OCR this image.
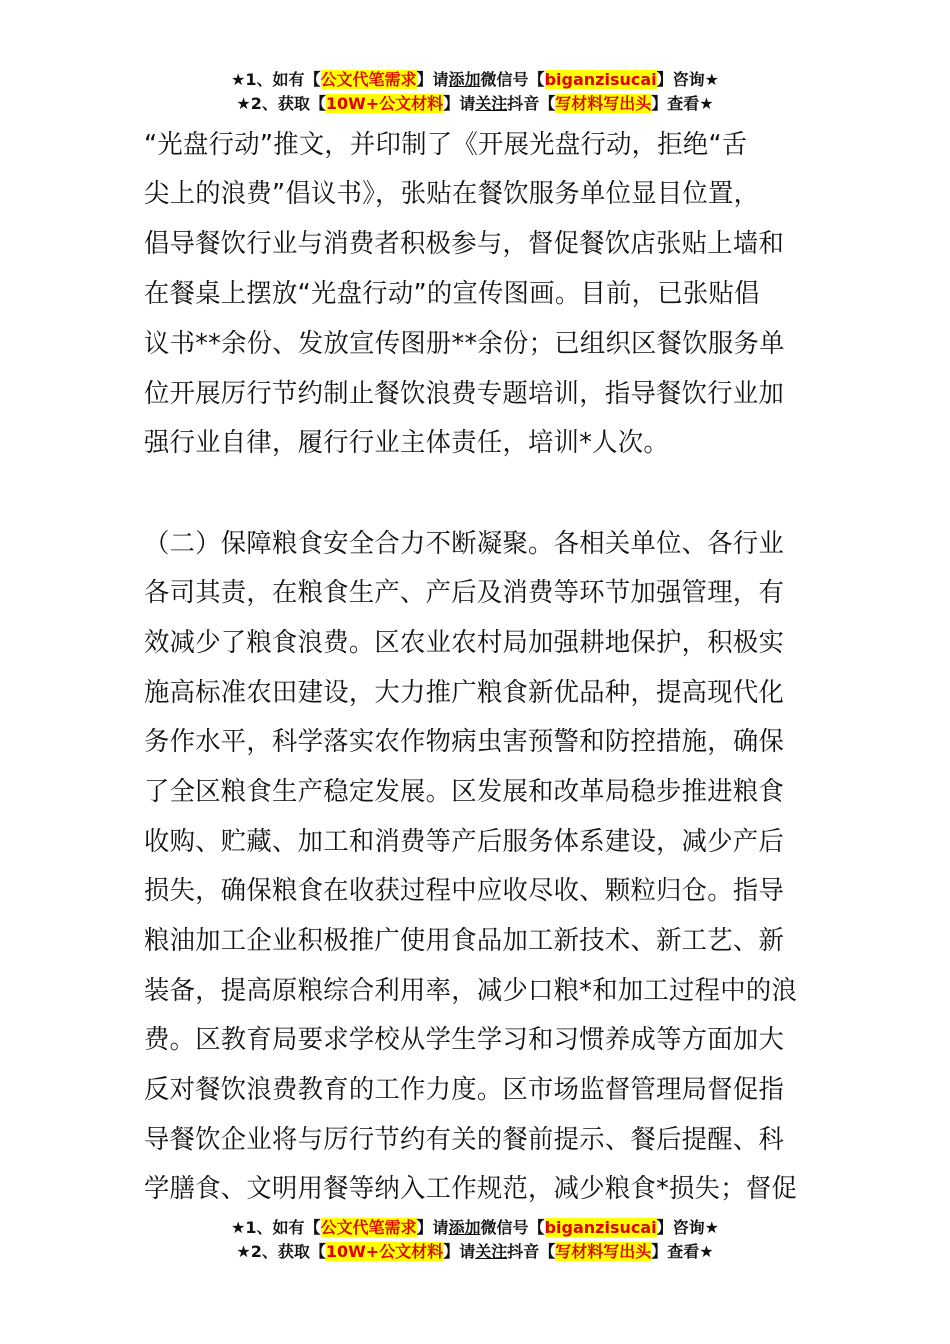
★1、如有【公文代笔需求】请添加微信号【biganzisucai】咨询★
★2、获取【10W+公文材料】请关注抖音【写材料写出头】查看★
“光盘行动”推文，并印制了《开展光盘行动，拒绝“舌
尖上的浪费”倡议书》，张贴在餐饮服务单位显目位置，
倡导餐饮行业与消费者积极参与，督促餐饮店张贴上墙和
在餐桌上摆放“光盘行动”的宣传图画。目前，已张贴倡
议书**余份、发放宣传图册**余份；已组织区餐饮服务单
位开展厉行节约制止餐饮浪费专题培训，指导餐饮行业加
强行业自律，履行行业主体责任，培训*人次。
（二）保障粮食安全合力不断凝聚。各相关单位、各行业
各司其责，在粮食生产、产后及消费等环节加强管理，有
效减少了粮食浪费。区农业农村局加强耕地保护，积极实
施高标准农田建设，大力推广粮食新优品种，提高现代化
务作水平，科学落实农作物病虫害预警和防控措施，确保
了全区粮食生产稳定发展。区发展和改革局稳步推进粮食
收购、贮藏、加工和消费等产后服务体系建设，减少产后
损失，确保粮食在收获过程中应收尽收、颗粒归仓。指导
粮油加工企业积极推广使用食品加工新技术、新工艺、新
装备，提高原粮综合利用率，减少口粮*和加工过程中的浪
费。区教育局要求学校从学生学习和习惯养成等方面加大
反对餐饮浪费教育的工作力度。区市场监督管理局督促指
导餐饮企业将与厉行节约有关的餐前提示、餐后提醒、科
学膳食、文明用餐等纳入工作规范，减少粮食*损失；督促
★1、如有【公文代笔需求】请添加微信号【biganzisucai】咨询★
★2、获取【10W+公文材料】请关注抖音【写材料写出头】查看★
